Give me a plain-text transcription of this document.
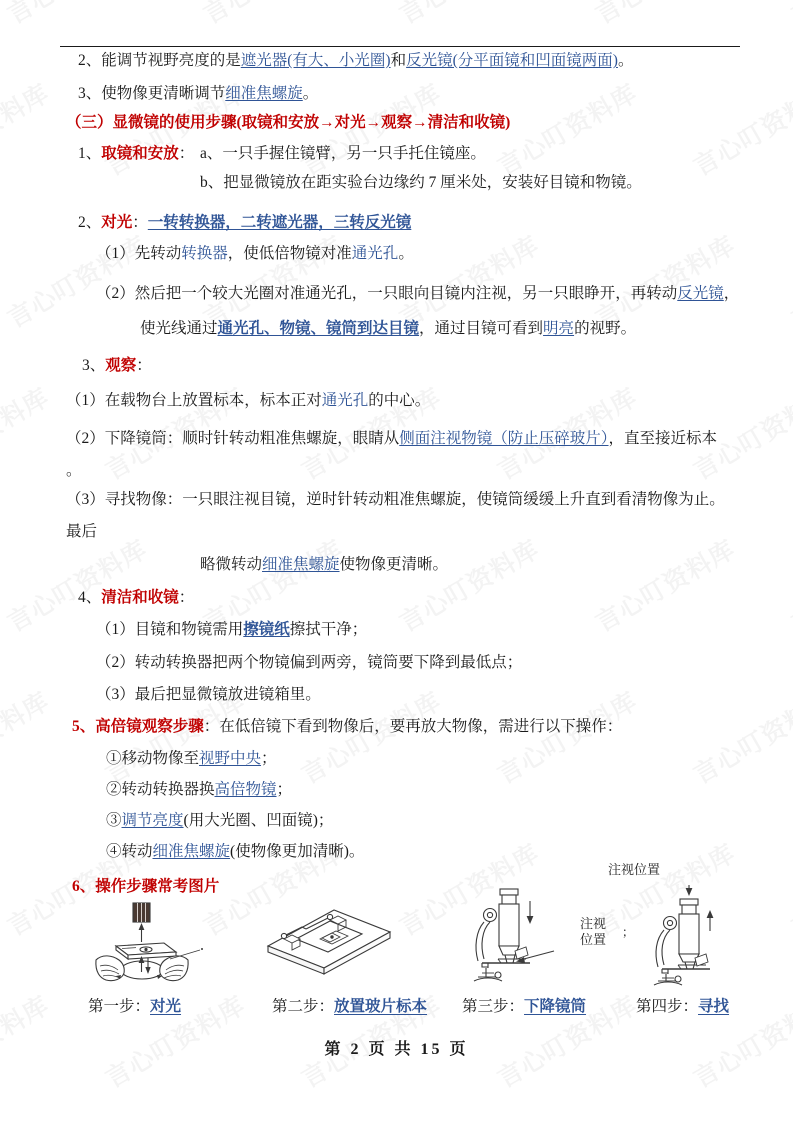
2、能调节视野亮度的是遮光器(有大、小光圈)和反光镜(分平面镜和凹面镜两面)。
3、使物像更清晰调节细准焦螺旋。
（三）显微镜的使用步骤(取镜和安放→对光→观察→清洁和收镜)
1、取镜和安放： a、一只手握住镜臂，另一只手托住镜座。
b、把显微镜放在距实验台边缘约 7 厘米处，安装好目镜和物镜。
2、对光：一转转换器，二转遮光器，三转反光镜
（1）先转动转换器，使低倍物镜对准通光孔。
（2）然后把一个较大光圈对准通光孔，一只眼向目镜内注视，另一只眼睁开，再转动反光镜，
使光线通过通光孔、物镜、镜筒到达目镜，通过目镜可看到明亮的视野。
3、观察：
（1）在载物台上放置标本，标本正对通光孔的中心。
（2）下降镜筒：顺时针转动粗准焦螺旋，眼睛从侧面注视物镜（防止压碎玻片），直至接近标本
。
（3）寻找物像：一只眼注视目镜，逆时针转动粗准焦螺旋，使镜筒缓缓上升直到看清物像为止。
最后
略微转动细准焦螺旋使物像更清晰。
4、清洁和收镜：
（1）目镜和物镜需用擦镜纸擦拭干净；
（2）转动转换器把两个物镜偏到两旁，镜筒要下降到最低点；
（3）最后把显微镜放进镜箱里。
5、高倍镜观察步骤：在低倍镜下看到物像后，要再放大物像，需进行以下操作：
①移动物像至视野中央；
②转动转换器换高倍物镜；
③调节亮度(用大光圈、凹面镜)；
④转动细准焦螺旋(使物像更加清晰)。
6、操作步骤常考图片
注视
位置
注视位置
；
第一步：对光	第二步：放置玻片标本 第三步：下降镜筒	第四步：寻找
第 2 页 共 15 页
